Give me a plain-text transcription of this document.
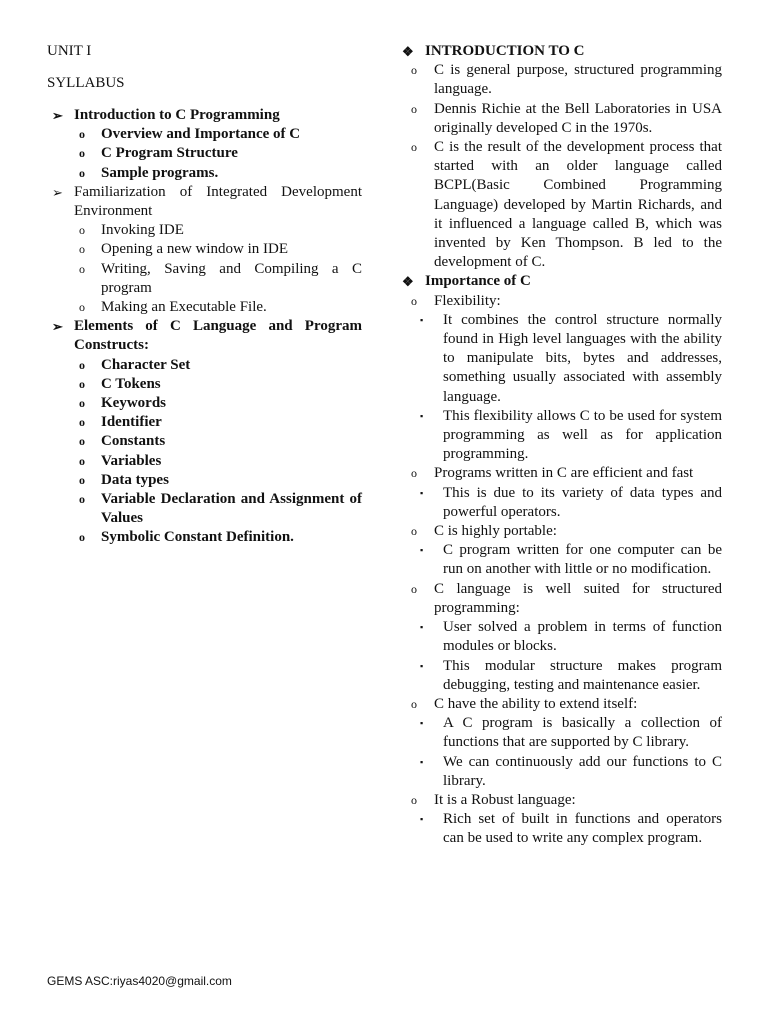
UNIT I

SYLLABUS

➢ Introduction to C Programming
o Overview and Importance of C
o C Program Structure
o Sample programs.
➢ Familiarization of Integrated Development Environment
o Invoking IDE
o Opening a new window in IDE
o Writing, Saving and Compiling a C program
o Making an Executable File.
➢ Elements of C Language and Program Constructs:
o Character Set
o C Tokens
o Keywords
o Identifier
o Constants
o Variables
o Data types
o Variable Declaration and Assignment of Values
o Symbolic Constant Definition.
❖ INTRODUCTION TO C
o C is general purpose, structured programming language.
o Dennis Richie at the Bell Laboratories in USA originally developed C in the 1970s.
o C is the result of the development process that started with an older language called BCPL(Basic Combined Programming Language) developed by Martin Richards, and it influenced a language called B, which was invented by Ken Thompson. B led to the development of C.
❖ Importance of C
o Flexibility:
▪ It combines the control structure normally found in High level languages with the ability to manipulate bits, bytes and addresses, something usually associated with assembly language.
▪ This flexibility allows C to be used for system programming as well as for application programming.
o Programs written in C are efficient and fast
▪ This is due to its variety of data types and powerful operators.
o C is highly portable:
▪ C program written for one computer can be run on another with little or no modification.
o C language is well suited for structured programming:
▪ User solved a problem in terms of function modules or blocks.
▪ This modular structure makes program debugging, testing and maintenance easier.
o C have the ability to extend itself:
▪ A C program is basically a collection of functions that are supported by C library.
▪ We can continuously add our functions to C library.
o It is a Robust language:
▪ Rich set of built in functions and operators can be used to write any complex program.
GEMS ASC:riyas4020@gmail.com
